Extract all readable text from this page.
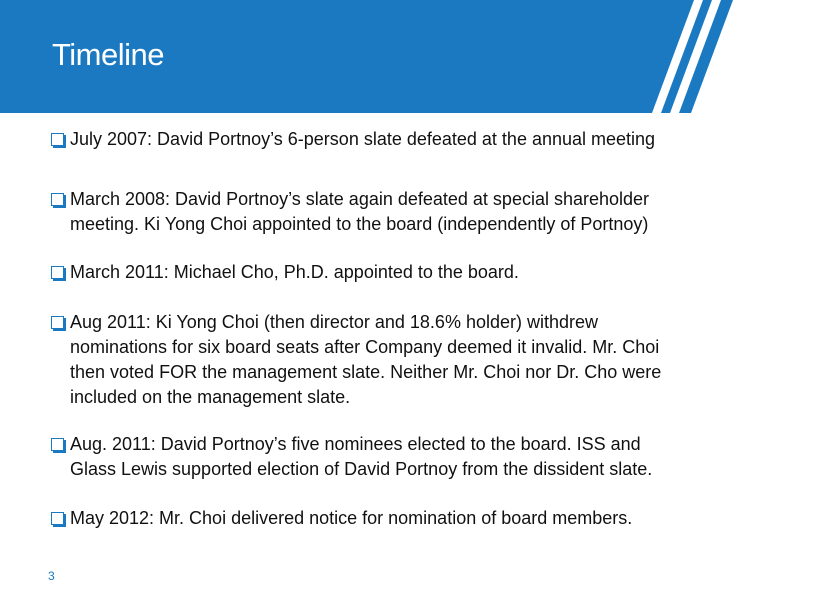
Timeline
July 2007: David Portnoy’s 6-person slate defeated at the annual meeting
March 2008: David Portnoy’s slate again defeated at special shareholder
meeting. Ki Yong Choi appointed to the board (independently of Portnoy)
March 2011: Michael Cho, Ph.D. appointed to the board.
Aug 2011: Ki Yong Choi (then director and 18.6% holder) withdrew
nominations for six board seats after Company deemed it invalid. Mr. Choi
then voted FOR the management slate. Neither Mr. Choi nor Dr. Cho were
included on the management slate.
Aug. 2011: David Portnoy’s five nominees elected to the board. ISS and
Glass Lewis supported election of David Portnoy from the dissident slate.
May 2012: Mr. Choi delivered notice for nomination of board members.
3
